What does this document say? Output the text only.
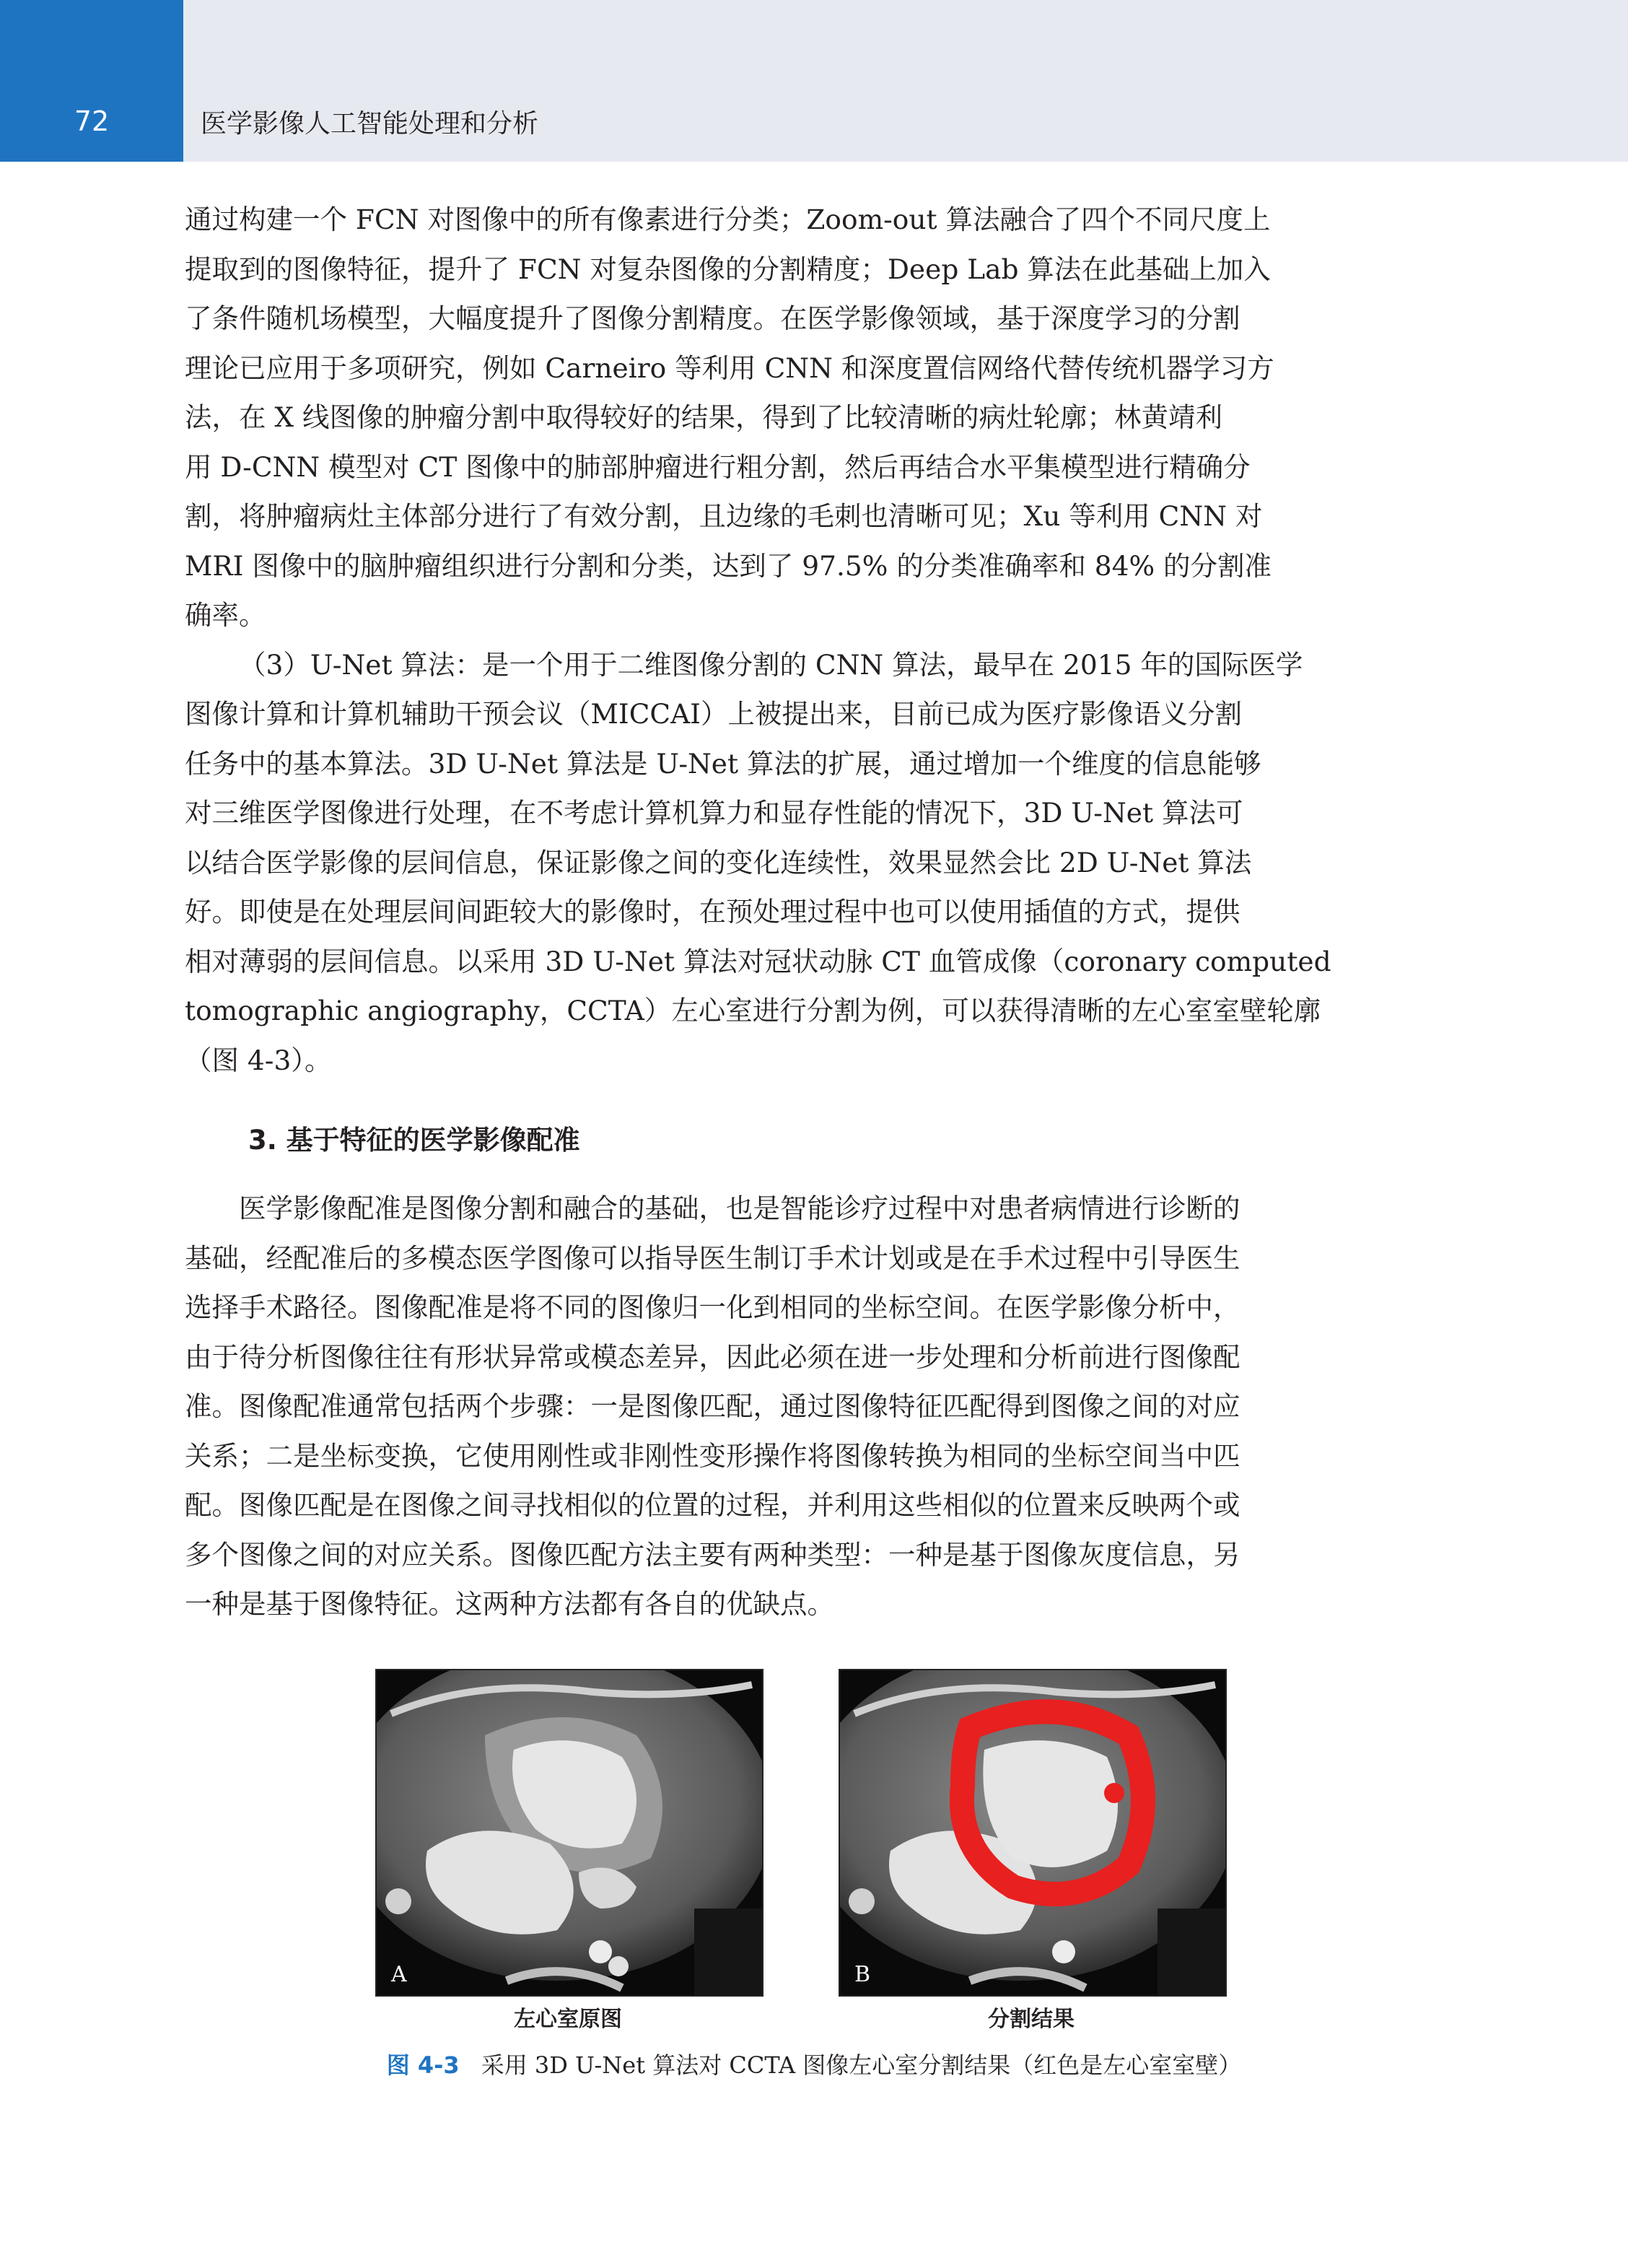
72	医学影像人工智能处理和分析

通过构建一个 FCN 对图像中的所有像素进行分类；Zoom-out 算法融合了四个不同尺度上
提取到的图像特征，提升了 FCN 对复杂图像的分割精度；Deep Lab 算法在此基础上加入
了条件随机场模型，大幅度提升了图像分割精度。在医学影像领域，基于深度学习的分割
理论已应用于多项研究，例如 Carneiro 等利用 CNN 和深度置信网络代替传统机器学习方
法，在 X 线图像的肿瘤分割中取得较好的结果，得到了比较清晰的病灶轮廓；林黄靖利
用 D-CNN 模型对 CT 图像中的肺部肿瘤进行粗分割，然后再结合水平集模型进行精确分
割，将肿瘤病灶主体部分进行了有效分割，且边缘的毛刺也清晰可见；Xu 等利用 CNN 对
MRI 图像中的脑肿瘤组织进行分割和分类，达到了 97.5% 的分类准确率和 84% 的分割准
确率。

（3）U-Net 算法：是一个用于二维图像分割的 CNN 算法，最早在 2015 年的国际医学
图像计算和计算机辅助干预会议（MICCAI）上被提出来，目前已成为医疗影像语义分割
任务中的基本算法。3D U-Net 算法是 U-Net 算法的扩展，通过增加一个维度的信息能够
对三维医学图像进行处理，在不考虑计算机算力和显存性能的情况下，3D U-Net 算法可
以结合医学影像的层间信息，保证影像之间的变化连续性，效果显然会比 2D U-Net 算法
好。即使是在处理层间间距较大的影像时，在预处理过程中也可以使用插值的方式，提供
相对薄弱的层间信息。以采用 3D U-Net 算法对冠状动脉 CT 血管成像（coronary computed
tomographic angiography，CCTA）左心室进行分割为例，可以获得清晰的左心室室壁轮廓
（图 4-3）。

3. 基于特征的医学影像配准

医学影像配准是图像分割和融合的基础，也是智能诊疗过程中对患者病情进行诊断的
基础，经配准后的多模态医学图像可以指导医生制订手术计划或是在手术过程中引导医生
选择手术路径。图像配准是将不同的图像归一化到相同的坐标空间。在医学影像分析中，
由于待分析图像往往有形状异常或模态差异，因此必须在进一步处理和分析前进行图像配
准。图像配准通常包括两个步骤：一是图像匹配，通过图像特征匹配得到图像之间的对应
关系；二是坐标变换，它使用刚性或非刚性变形操作将图像转换为相同的坐标空间当中匹
配。图像匹配是在图像之间寻找相似的位置的过程，并利用这些相似的位置来反映两个或
多个图像之间的对应关系。图像匹配方法主要有两种类型：一种是基于图像灰度信息，另
一种是基于图像特征。这两种方法都有各自的优缺点。

A	B
左心室原图	分割结果
图 4-3 采用 3D U-Net 算法对 CCTA 图像左心室分割结果（红色是左心室室壁）
